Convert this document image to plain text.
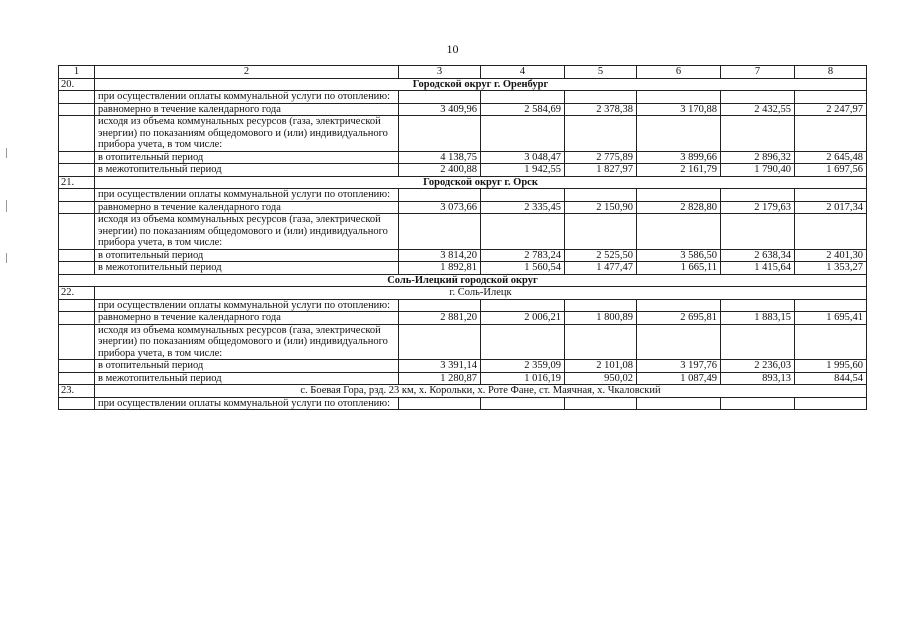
10
1	2	3	4	5	6	7	8
20.	Городской округ г. Оренбург						
	при осуществлении оплаты коммунальной услуги по отоплению:						
	равномерно в течение календарного года	3 409,96	2 584,69	2 378,38	3 170,88	2 432,55	2 247,97
	исходя из объема коммунальных ресурсов (газа, электрической энергии) по показаниям общедомового и (или) индивидуального прибора учета, в том числе:						
	в отопительный период	4 138,75	3 048,47	2 775,89	3 899,66	2 896,32	2 645,48
	в межотопительный период	2 400,88	1 942,55	1 827,97	2 161,79	1 790,40	1 697,56
21.	Городской округ г. Орск						
	при осуществлении оплаты коммунальной услуги по отоплению:						
	равномерно в течение календарного года	3 073,66	2 335,45	2 150,90	2 828,80	2 179,63	2 017,34
	исходя из объема коммунальных ресурсов (газа, электрической энергии) по показаниям общедомового и (или) индивидуального прибора учета, в том числе:						
	в отопительный период	3 814,20	2 783,24	2 525,50	3 586,50	2 638,34	2 401,30
	в межотопительный период	1 892,81	1 560,54	1 477,47	1 665,11	1 415,64	1 353,27
Соль-Илецкий городской округ							
22.	г. Соль-Илецк						
	при осуществлении оплаты коммунальной услуги по отоплению:						
	равномерно в течение календарного года	2 881,20	2 006,21	1 800,89	2 695,81	1 883,15	1 695,41
	исходя из объема коммунальных ресурсов (газа, электрической энергии) по показаниям общедомового и (или) индивидуального прибора учета, в том числе:						
	в отопительный период	3 391,14	2 359,09	2 101,08	3 197,76	2 236,03	1 995,60
	в межотопительный период	1 280,87	1 016,19	950,02	1 087,49	893,13	844,54
23.	с. Боевая Гора, рзд. 23 км, х. Корольки, х. Роте Фане, ст. Маячная, х. Чкаловский						
	при осуществлении оплаты коммунальной услуги по отоплению:						
